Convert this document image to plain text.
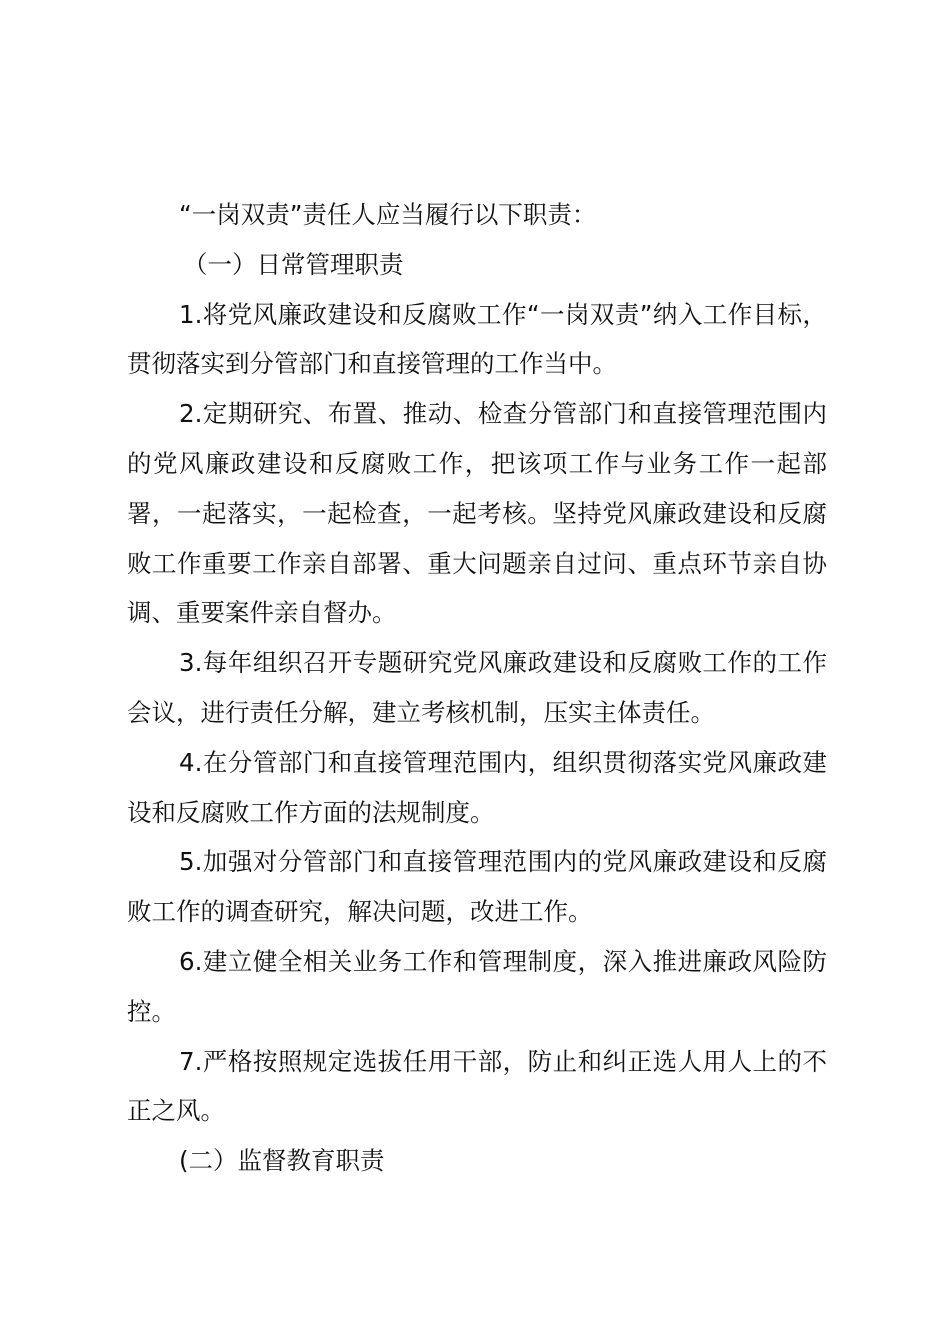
“一岗双责”责任人应当履行以下职责：

（一）日常管理职责

1.将党风廉政建设和反腐败工作“一岗双责”纳入工作目标，贯彻落实到分管部门和直接管理的工作当中。

2.定期研究、布置、推动、检查分管部门和直接管理范围内的党风廉政建设和反腐败工作，把该项工作与业务工作一起部署，一起落实，一起检查，一起考核。坚持党风廉政建设和反腐败工作重要工作亲自部署、重大问题亲自过问、重点环节亲自协调、重要案件亲自督办。

3.每年组织召开专题研究党风廉政建设和反腐败工作的工作会议，进行责任分解，建立考核机制，压实主体责任。

4.在分管部门和直接管理范围内，组织贯彻落实党风廉政建设和反腐败工作方面的法规制度。

5.加强对分管部门和直接管理范围内的党风廉政建设和反腐败工作的调查研究，解决问题，改进工作。

6.建立健全相关业务工作和管理制度，深入推进廉政风险防控。

7.严格按照规定选拔任用干部，防止和纠正选人用人上的不正之风。

(二）监督教育职责
